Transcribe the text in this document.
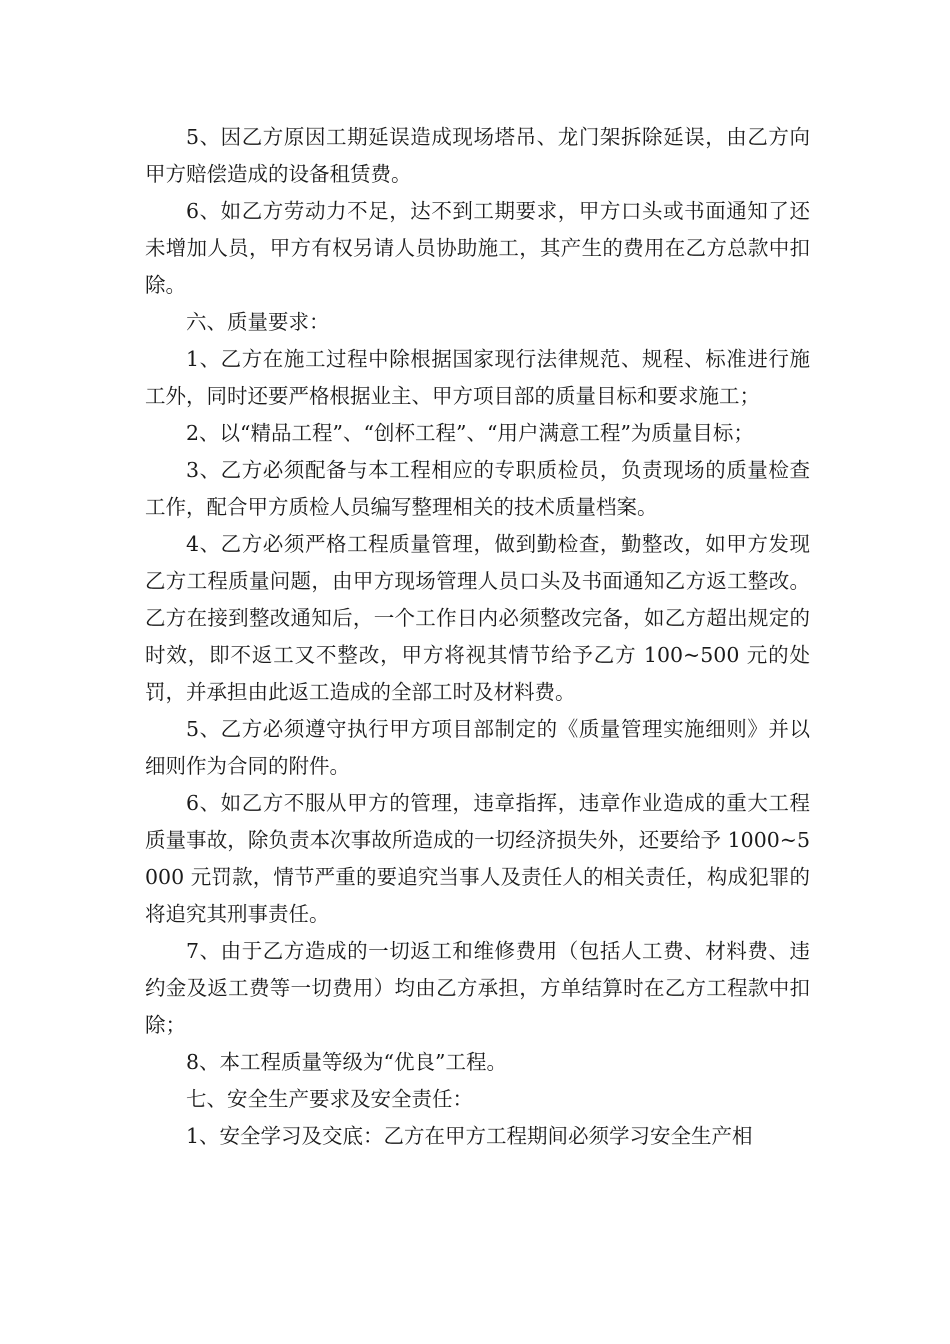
5、因乙方原因工期延误造成现场塔吊、龙门架拆除延误，由乙方向甲方赔偿造成的设备租赁费。

6、如乙方劳动力不足，达不到工期要求，甲方口头或书面通知了还未增加人员，甲方有权另请人员协助施工，其产生的费用在乙方总款中扣除。

六、质量要求：

1、乙方在施工过程中除根据国家现行法律规范、规程、标准进行施工外，同时还要严格根据业主、甲方项目部的质量目标和要求施工；

2、以“精品工程”、“创杯工程”、“用户满意工程”为质量目标；

3、乙方必须配备与本工程相应的专职质检员，负责现场的质量检查工作，配合甲方质检人员编写整理相关的技术质量档案。

4、乙方必须严格工程质量管理，做到勤检查，勤整改，如甲方发现乙方工程质量问题，由甲方现场管理人员口头及书面通知乙方返工整改。乙方在接到整改通知后，一个工作日内必须整改完备，如乙方超出规定的时效，即不返工又不整改，甲方将视其情节给予乙方 100~500 元的处罚，并承担由此返工造成的全部工时及材料费。

5、乙方必须遵守执行甲方项目部制定的《质量管理实施细则》并以细则作为合同的附件。

6、如乙方不服从甲方的管理，违章指挥，违章作业造成的重大工程质量事故，除负责本次事故所造成的一切经济损失外，还要给予 1000~5000 元罚款，情节严重的要追究当事人及责任人的相关责任，构成犯罪的将追究其刑事责任。

7、由于乙方造成的一切返工和维修费用（包括人工费、材料费、违约金及返工费等一切费用）均由乙方承担，方单结算时在乙方工程款中扣除；

8、本工程质量等级为“优良”工程。

七、安全生产要求及安全责任：

1、安全学习及交底：乙方在甲方工程期间必须学习安全生产相
